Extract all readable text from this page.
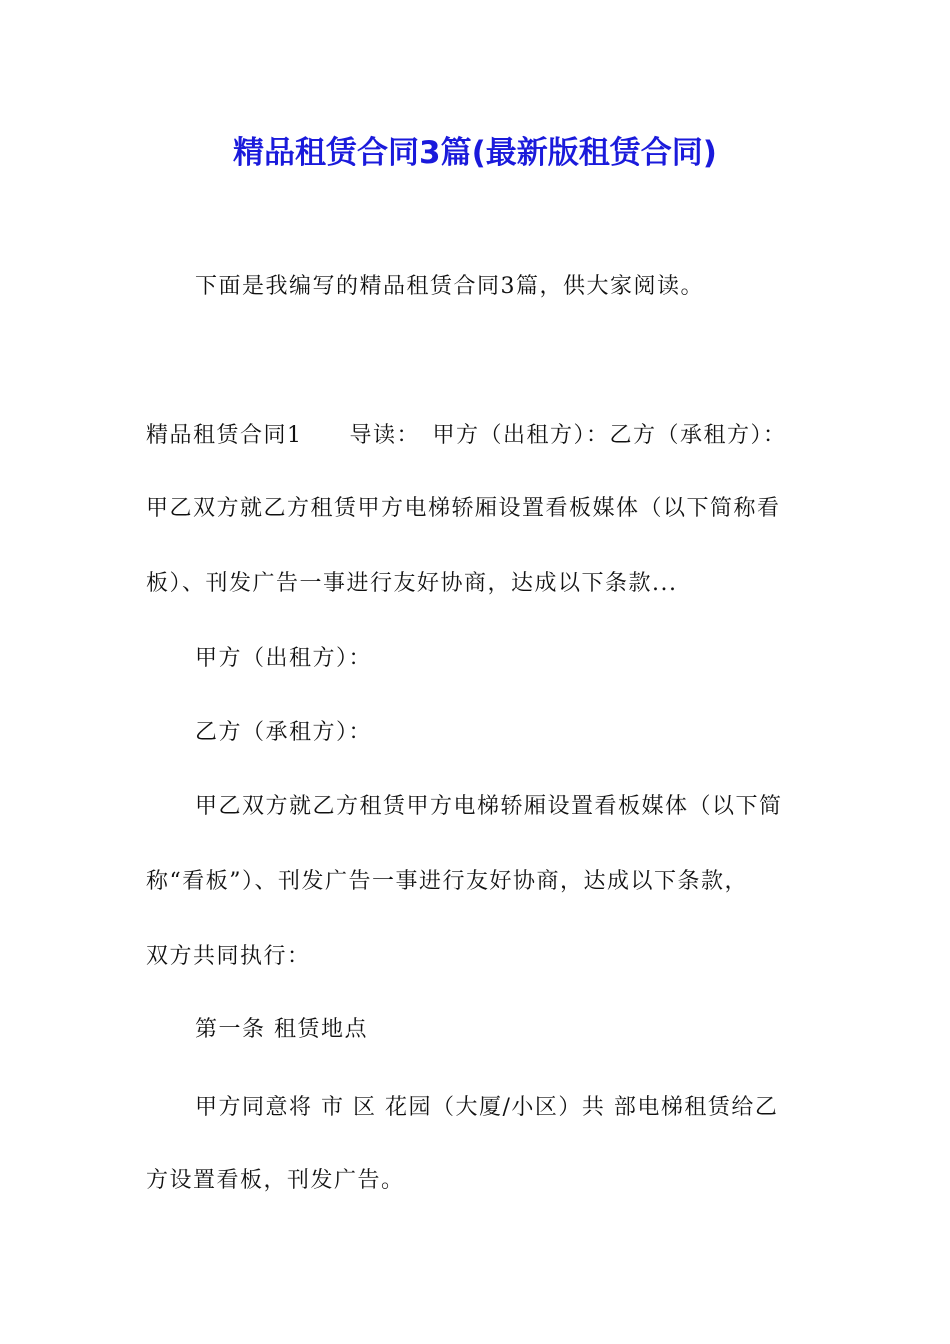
精品租赁合同3篇(最新版租赁合同)
下面是我编写的精品租赁合同3篇，供大家阅读。
精品租赁合同1　　导读：　甲方（出租方）：乙方（承租方）：
甲乙双方就乙方租赁甲方电梯轿厢设置看板媒体（以下简称看
板）、刊发广告一事进行友好协商，达成以下条款...
甲方（出租方）：
乙方（承租方）：
甲乙双方就乙方租赁甲方电梯轿厢设置看板媒体（以下简
称“看板”）、刊发广告一事进行友好协商，达成以下条款，
双方共同执行：
第一条 租赁地点
甲方同意将 市 区 花园（大厦/小区）共 部电梯租赁给乙
方设置看板，刊发广告。
